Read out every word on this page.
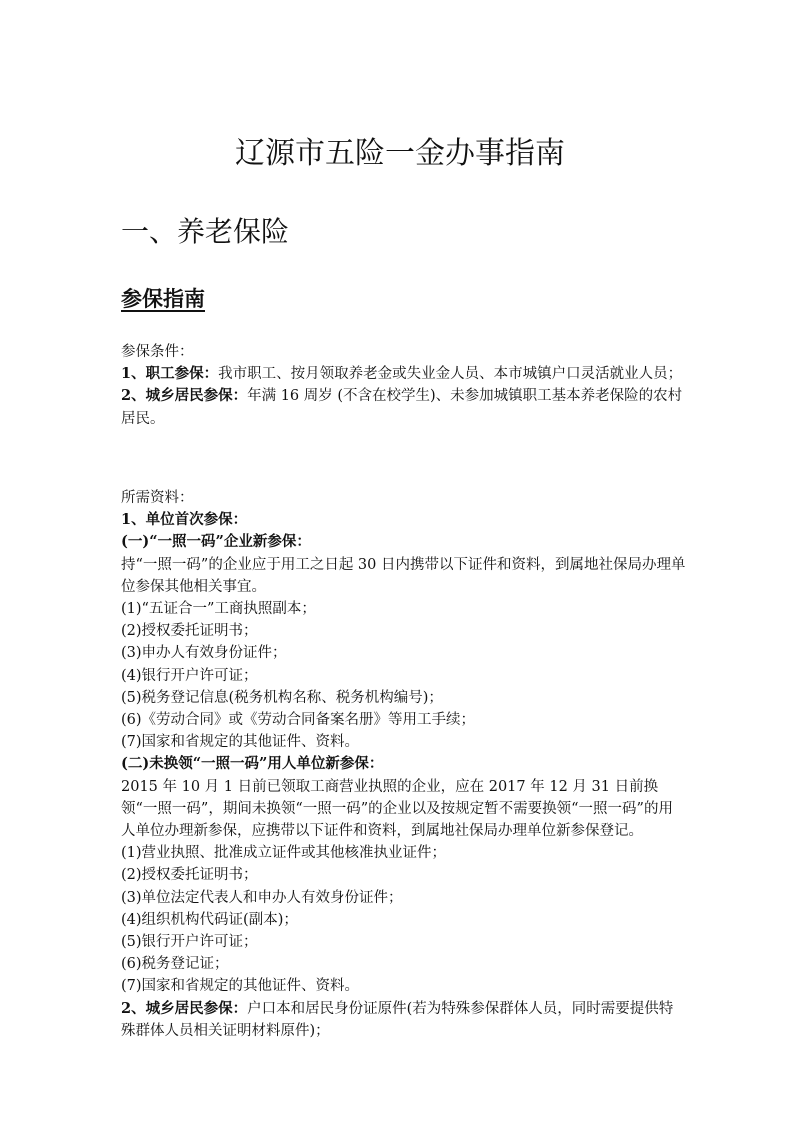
辽源市五险一金办事指南
一、养老保险
参保指南

参保条件：

1、职工参保：我市职工、按月领取养老金或失业金人员、本市城镇户口灵活就业人员；

2、城乡居民参保：年满 16 周岁 (不含在校学生)、未参加城镇职工基本养老保险的农村居民。

所需资料：

1、单位首次参保：

(一)“一照一码”企业新参保：

持“一照一码”的企业应于用工之日起 30 日内携带以下证件和资料，到属地社保局办理单位参保其他相关事宜。

(1)“五证合一”工商执照副本；

(2)授权委托证明书；

(3)申办人有效身份证件；

(4)银行开户许可证；

(5)税务登记信息(税务机构名称、税务机构编号)；

(6)《劳动合同》或《劳动合同备案名册》等用工手续；

(7)国家和省规定的其他证件、资料。

(二)未换领“一照一码”用人单位新参保：

2015 年 10 月 1 日前已领取工商营业执照的企业，应在 2017 年 12 月 31 日前换领“一照一码”，期间未换领“一照一码”的企业以及按规定暂不需要换领“一照一码”的用人单位办理新参保，应携带以下证件和资料，到属地社保局办理单位新参保登记。

(1)营业执照、批准成立证件或其他核准执业证件；

(2)授权委托证明书；

(3)单位法定代表人和申办人有效身份证件；

(4)组织机构代码证(副本)；

(5)银行开户许可证；

(6)税务登记证；

(7)国家和省规定的其他证件、资料。

2、城乡居民参保：户口本和居民身份证原件(若为特殊参保群体人员，同时需要提供特殊群体人员相关证明材料原件)；
